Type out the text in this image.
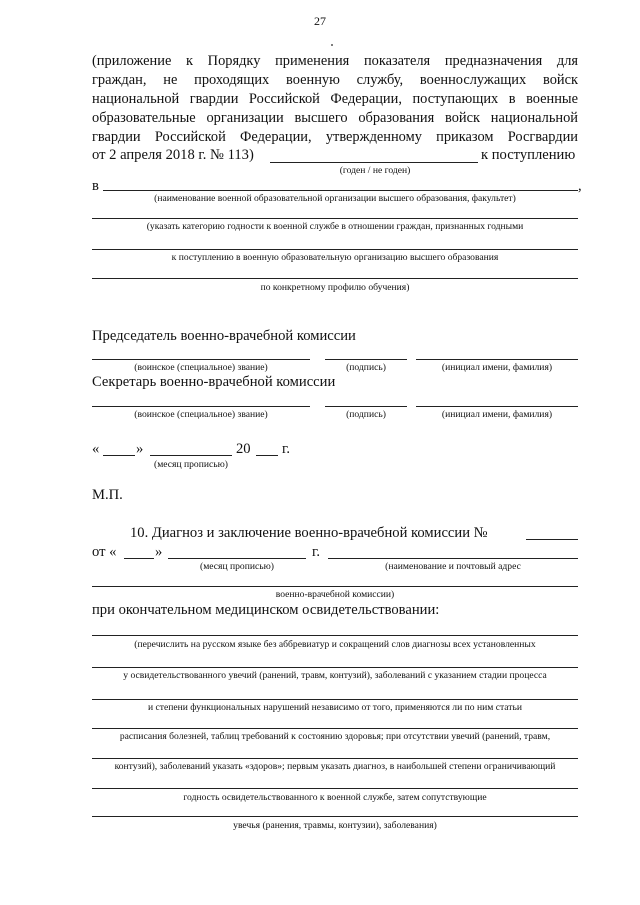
27
(приложение к Порядку применения показателя предназначения для
граждан, не проходящих военную службу, военнослужащих войск
национальной гвардии Российской Федерации, поступающих в военные
образовательные организации высшего образования войск национальной
гвардии Российской Федерации, утвержденному приказом Росгвардии
от 2 апреля 2018 г. № 113)	к поступлению
(годен / не годен)
в	,
(наименование военной образовательной организации высшего образования, факультет)
(указать категорию годности к военной службе в отношении граждан, признанных годными
к поступлению в военную образовательную организацию высшего образования
по конкретному профилю обучения)
Председатель военно-врачебной комиссии
(воинское (специальное) звание)	(подпись)	(инициал имени, фамилия)
Секретарь военно-врачебной комиссии
(воинское (специальное) звание)	(подпись)	(инициал имени, фамилия)
«	»	20 г.
(месяц прописью)
М.П.
10. Диагноз и заключение военно-врачебной комиссии №
от «	»	г.
(месяц прописью)	(наименование и почтовый адрес
военно-врачебной комиссии)
при окончательном медицинском освидетельствовании:
(перечислить на русском языке без аббревиатур и сокращений слов диагнозы всех установленных
у освидетельствованного увечий (ранений, травм, контузий), заболеваний с указанием стадии процесса
и степени функциональных нарушений независимо от того, применяются ли по ним статьи
расписания болезней, таблиц требований к состоянию здоровья; при отсутствии увечий (ранений, травм,
контузий), заболеваний указать «здоров»; первым указать диагноз, в наибольшей степени ограничивающий
годность освидетельствованного к военной службе, затем сопутствующие
увечья (ранения, травмы, контузии), заболевания)
